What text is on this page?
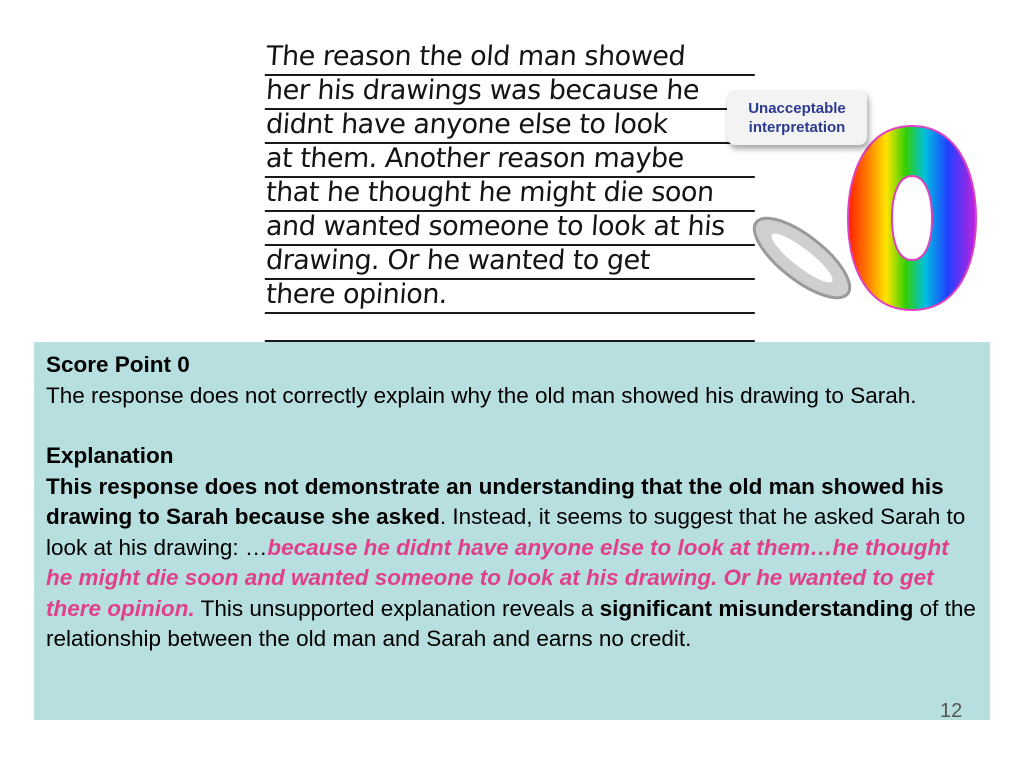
The reason the old man showed
her his drawings was because he
didnt have anyone else to look
at them. Another reason maybe
that he thought he might die soon
and wanted someone to look at his
drawing. Or he wanted to get
there opinion.
Unacceptable
interpretation

Score Point 0

The response does not correctly explain why the old man showed his drawing to Sarah.

Explanation

This response does not demonstrate an understanding that the old man showed his drawing to Sarah because she asked. Instead, it seems to suggest that he asked Sarah to look at his drawing: …because he didnt have anyone else to look at them…he thought he might die soon and wanted someone to look at his drawing. Or he wanted to get there opinion. This unsupported explanation reveals a significant misunderstanding of the relationship between the old man and Sarah and earns no credit.

12
